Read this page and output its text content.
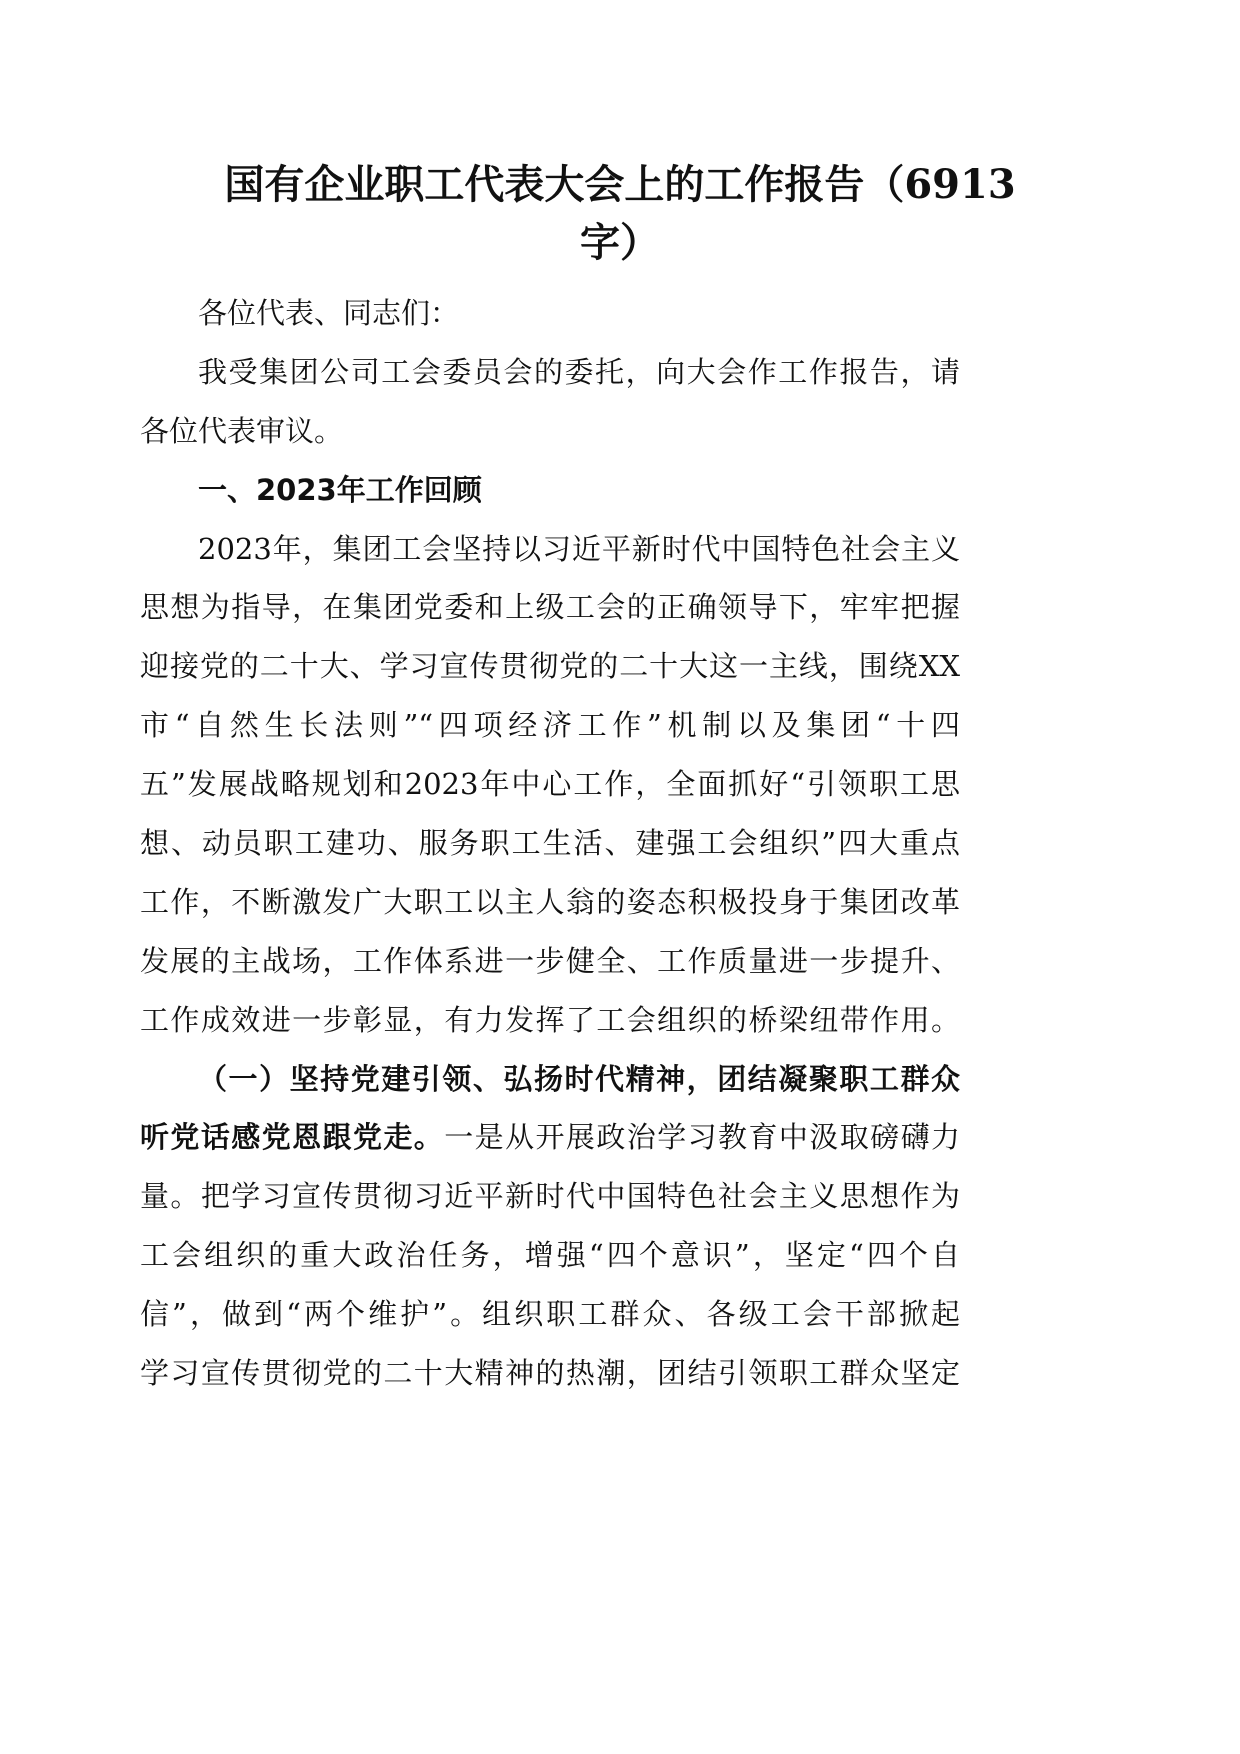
国有企业职工代表大会上的工作报告（6913
字）
各位代表、同志们：
我受集团公司工会委员会的委托，向大会作工作报告，请
各位代表审议。
一、2023年工作回顾
2023年，集团工会坚持以习近平新时代中国特色社会主义
思想为指导，在集团党委和上级工会的正确领导下，牢牢把握
迎接党的二十大、学习宣传贯彻党的二十大这一主线，围绕XX
市“自然生长法则”“四项经济工作”机制以及集团“十四
五”发展战略规划和2023年中心工作，全面抓好“引领职工思
想、动员职工建功、服务职工生活、建强工会组织”四大重点
工作，不断激发广大职工以主人翁的姿态积极投身于集团改革
发展的主战场，工作体系进一步健全、工作质量进一步提升、
工作成效进一步彰显，有力发挥了工会组织的桥梁纽带作用。
（一）坚持党建引领、弘扬时代精神，团结凝聚职工群众
听党话感党恩跟党走。一是从开展政治学习教育中汲取磅礴力
量。把学习宣传贯彻习近平新时代中国特色社会主义思想作为
工会组织的重大政治任务，增强“四个意识”，坚定“四个自
信”，做到“两个维护”。组织职工群众、各级工会干部掀起
学习宣传贯彻党的二十大精神的热潮，团结引领职工群众坚定
